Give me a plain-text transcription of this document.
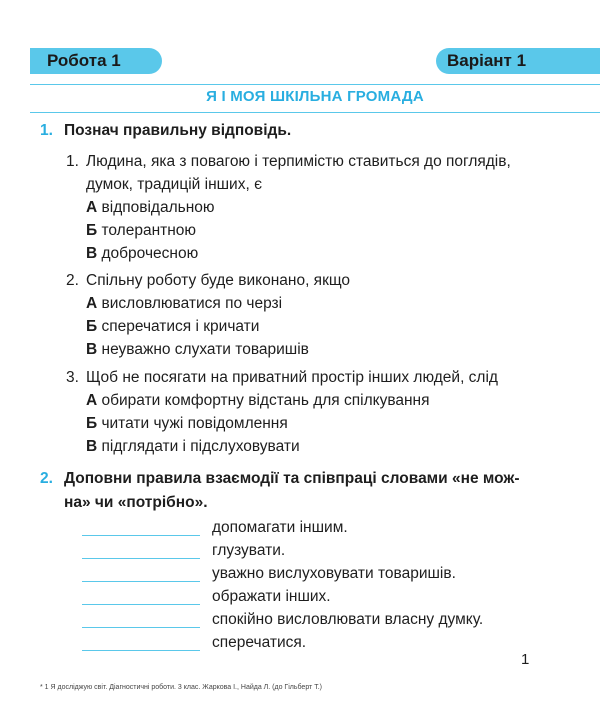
Робота 1	Варіант 1
Я І МОЯ ШКІЛЬНА ГРОМАДА
1. Познач правильну відповідь.
1. Людина, яка з повагою і терпимістю ставиться до поглядів,
думок, традицій інших, є
А відповідальною
Б толерантною
В доброчесною
2. Спільну роботу буде виконано, якщо
А висловлюватися по черзі
Б сперечатися і кричати
В неуважно слухати товаришів
3. Щоб не посягати на приватний простір інших людей, слід
А обирати комфортну відстань для спілкування
Б читати чужі повідомлення
В підглядати і підслуховувати
2. Доповни правила взаємодії та співпраці словами «не мож-
на» чи «потрібно».
допомагати іншим.
глузувати.
уважно вислуховувати товаришів.
ображати інших.
спокійно висловлювати власну думку.
сперечатися.
1
* 1 Я досліджую світ. Діагностичні роботи. 3 клас. Жаркова І., Найда Л. (до Гільберт Т.)
